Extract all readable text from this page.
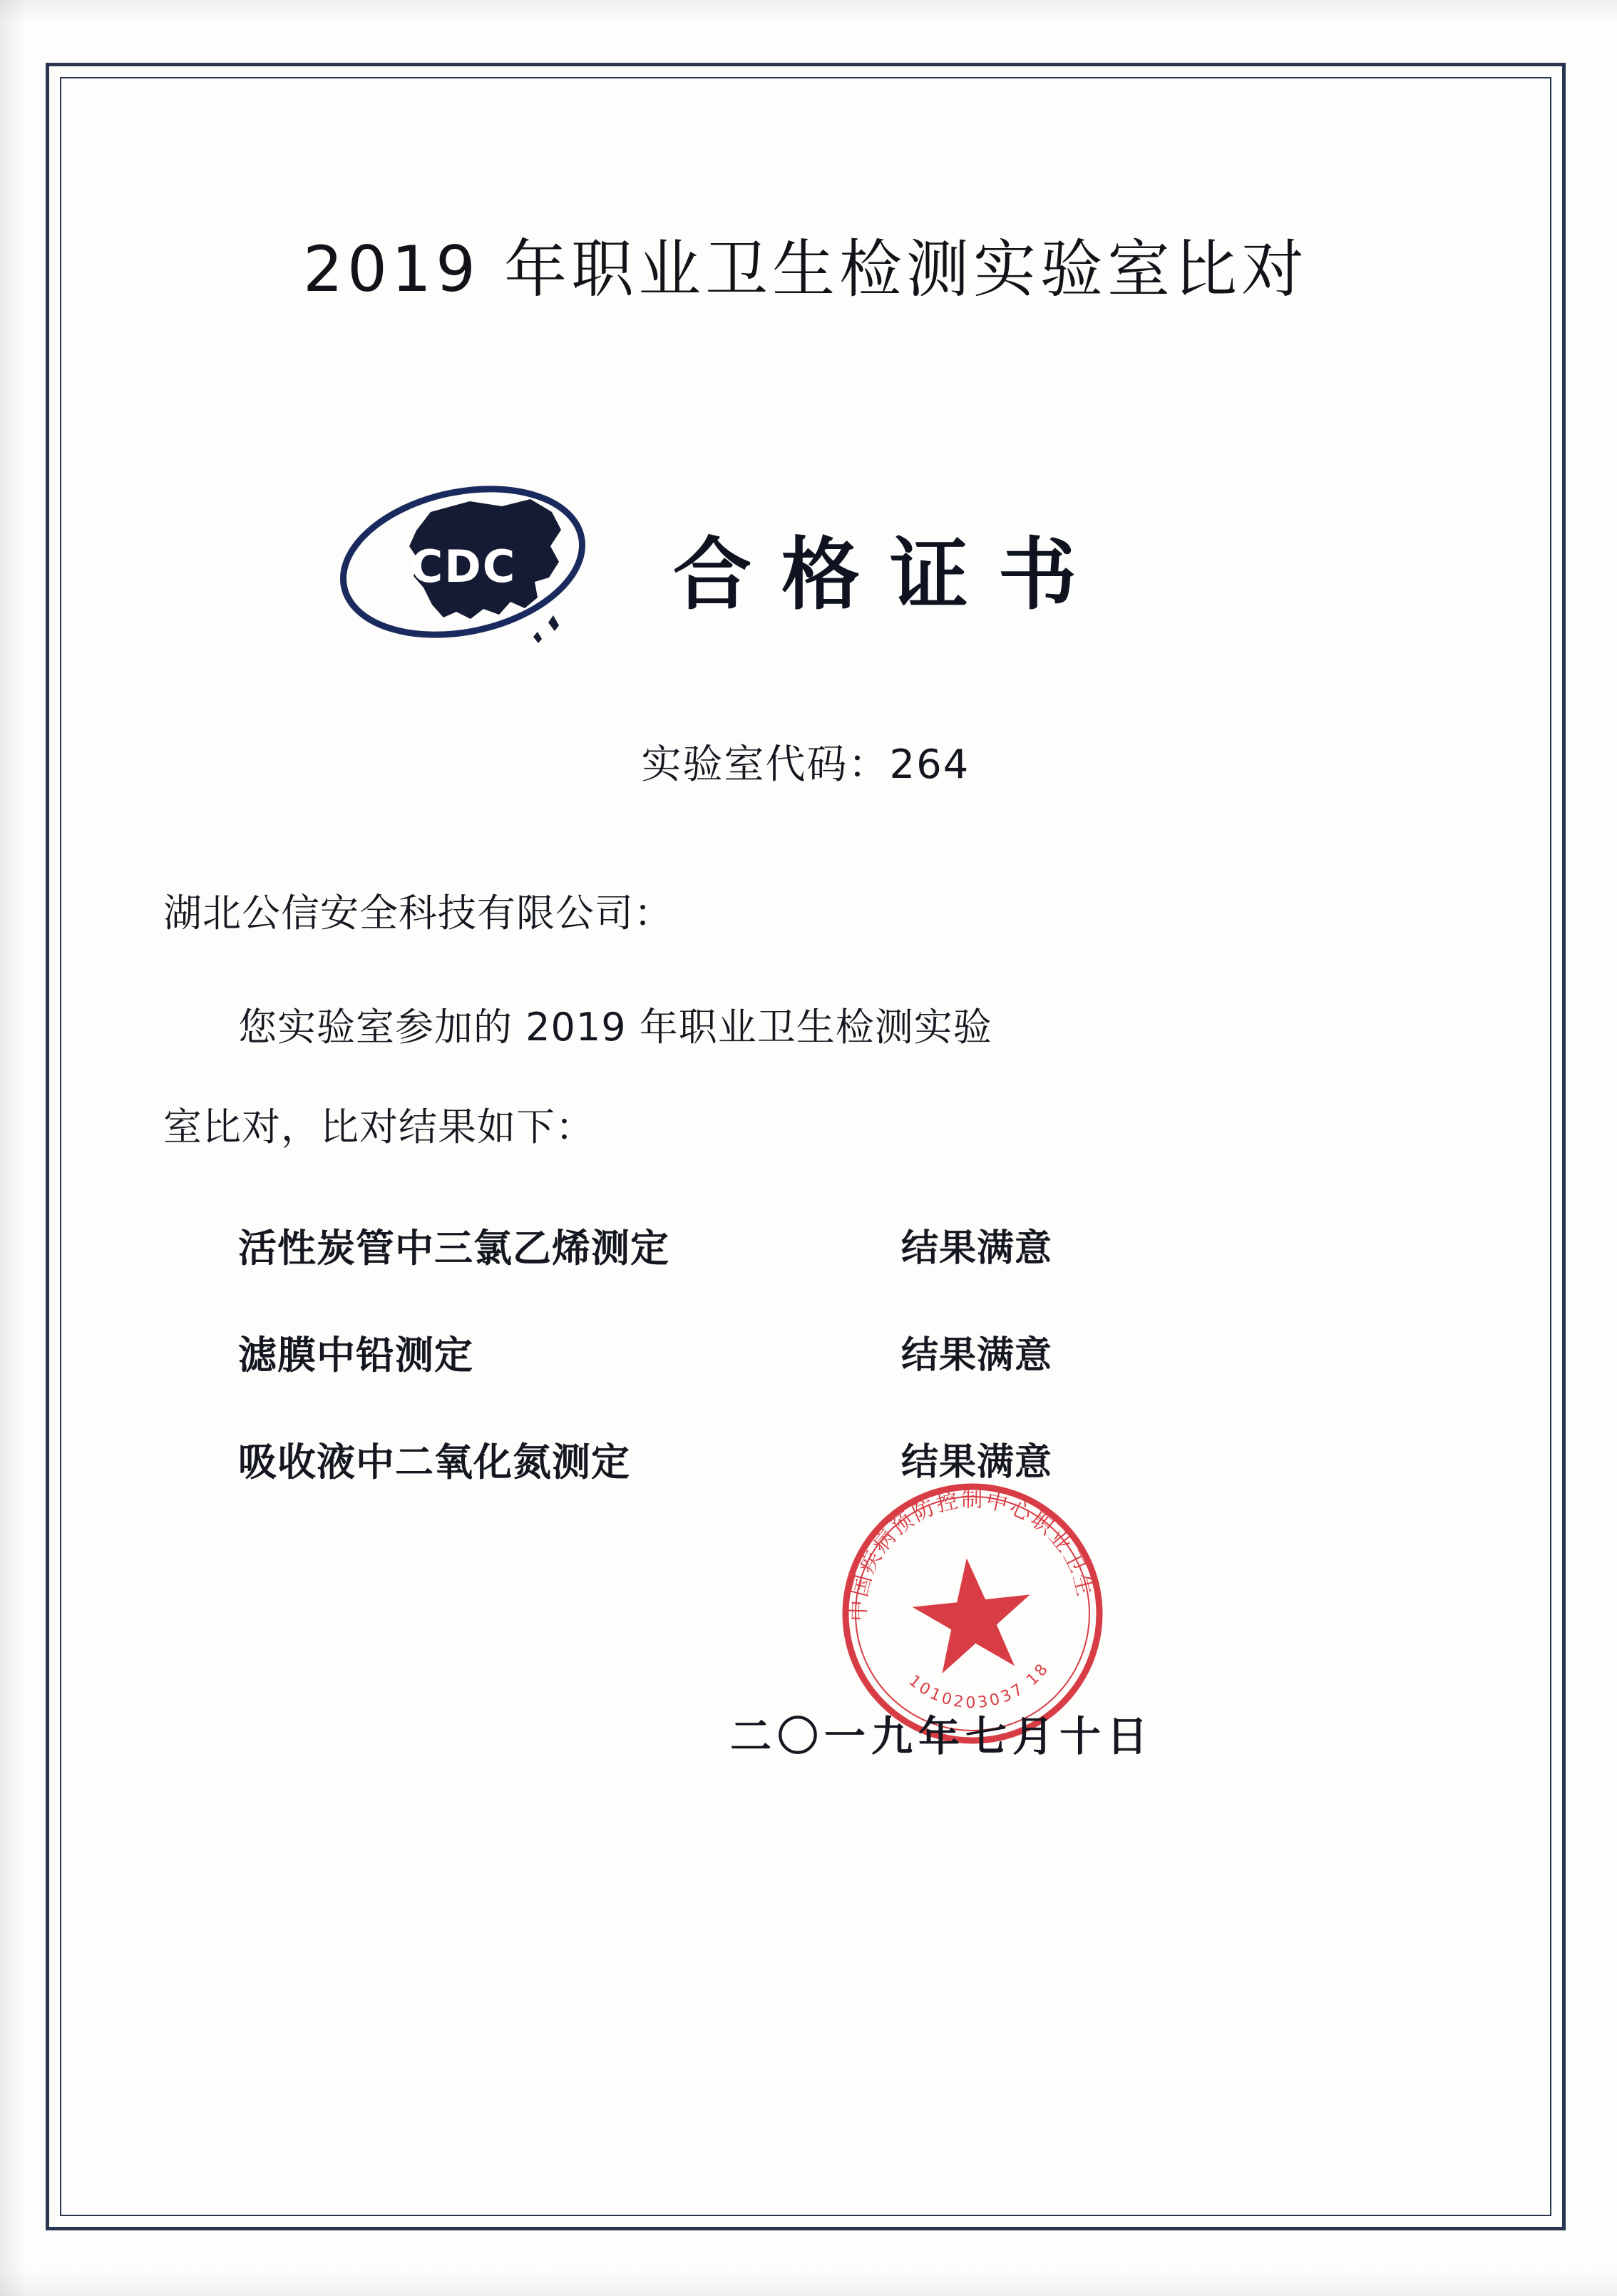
2019 年职业卫生检测实验室比对
CDC 合格证书
实验室代码：264
湖北公信安全科技有限公司：
您实验室参加的 2019 年职业卫生检测实验
室比对，比对结果如下：
活性炭管中三氯乙烯测定	结果满意
滤膜中铅测定	结果满意
吸收液中二氧化氮测定	结果满意
中国疾病预防控制中心职业卫生
1010203037 18
二〇一九年七月十日
